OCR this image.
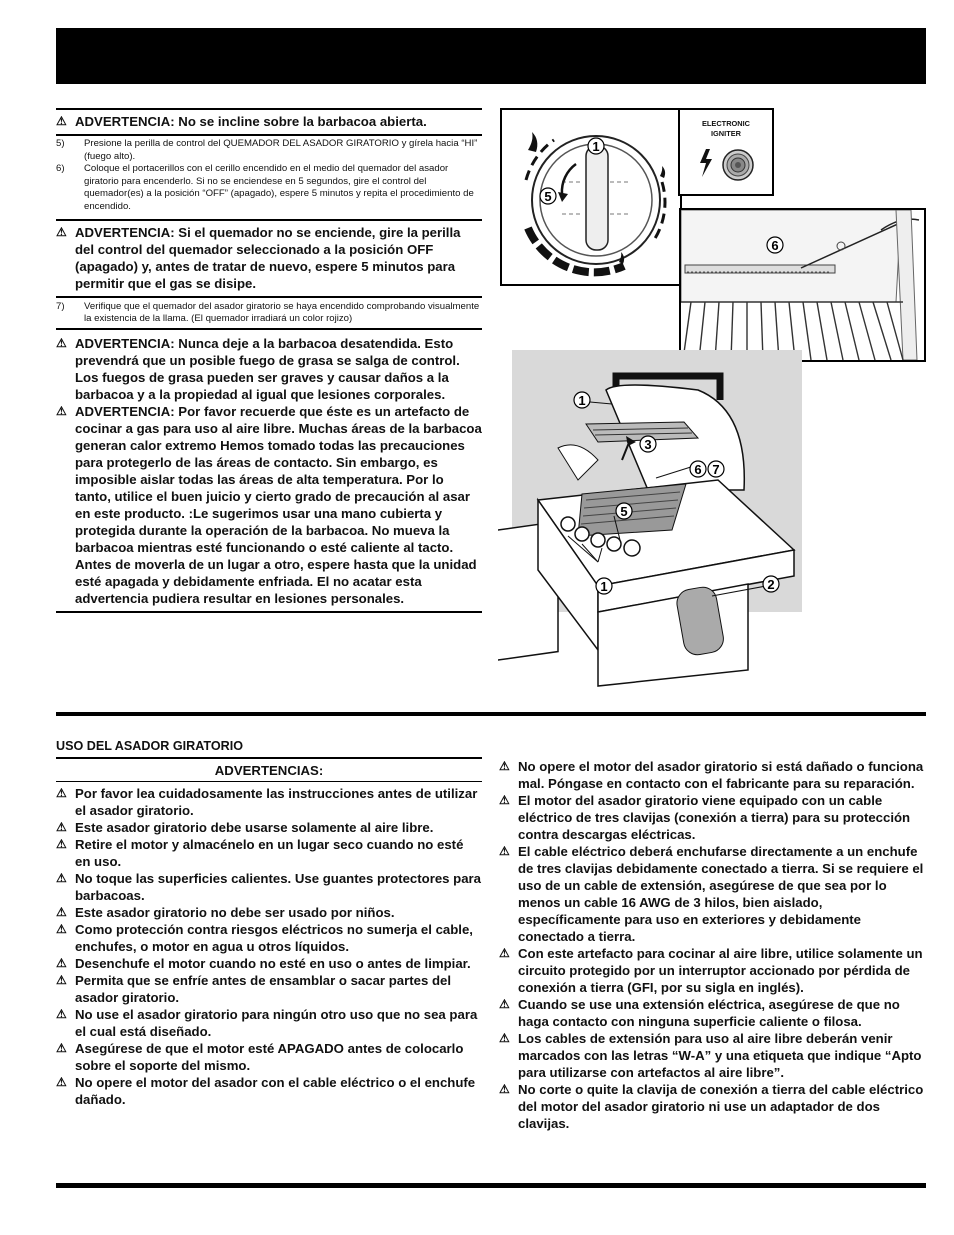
⚠ ADVERTENCIA: No se incline sobre la barbacoa abierta.
5)	Presione la perilla de control del QUEMADOR DEL ASADOR GIRATORIO y gírela hacia “HI” (fuego alto).
6)	Coloque el portacerillos con el cerillo encendido en el medio del quemador del asador giratorio para encenderlo. Si no se enciendese en 5 segundos, gire el control del quemador(es) a la posición “OFF” (apagado), espere 5 minutos y repita el procedimiento de encendido.
⚠ ADVERTENCIA: Si el quemador no se enciende, gire la perilla del control del quemador seleccionado a la posición OFF (apagado) y, antes de tratar de nuevo, espere 5 minutos para permitir que el gas se disipe.
7)	Verifique que el quemador del asador giratorio se haya encendido comprobando visualmente la existencia de la llama. (El quemador irradiará un color rojizo)
⚠ ADVERTENCIA: Nunca deje a la barbacoa desatendida. Esto prevendrá que un posible fuego de grasa se salga de control. Los fuegos de grasa pueden ser graves y causar daños a la barbacoa y a la propiedad al igual que lesiones corporales.
⚠ ADVERTENCIA: Por favor recuerde que éste es un artefacto de cocinar a gas para uso al aire libre. Muchas áreas de la barbacoa generan calor extremo Hemos tomado todas las precauciones para protegerlo de las áreas de contacto. Sin embargo, es imposible aislar todas las áreas de alta temperatura. Por lo tanto, utilice el buen juicio y cierto grado de precaución al asar en este producto. :Le sugerimos usar una mano cubierta y protegida durante la operación de la barbacoa. No mueva la barbacoa mientras esté funcionando o esté caliente al tacto. Antes de moverla de un lugar a otro, espere hasta que la unidad esté apagada y debidamente enfriada. El no acatar esta advertencia pudiera resultar en lesiones personales.
1
5
ELECTRONIC IGNITER
6
1
3
6 7
5
1	2
USO DEL ASADOR GIRATORIO
ADVERTENCIAS:
⚠ Por favor lea cuidadosamente las instrucciones antes de utilizar el asador giratorio.
⚠ Este asador giratorio debe usarse solamente al aire libre.
⚠ Retire el motor y almacénelo en un lugar seco cuando no esté en uso.
⚠ No toque las superficies calientes. Use guantes protectores para barbacoas.
⚠ Este asador giratorio no debe ser usado por niños.
⚠ Como protección contra riesgos eléctricos no sumerja el cable, enchufes, o motor en agua u otros líquidos.
⚠ Desenchufe el motor cuando no esté en uso o antes de limpiar.
⚠ Permita que se enfríe antes de ensamblar o sacar partes del asador giratorio.
⚠ No use el asador giratorio para ningún otro uso que no sea para el cual está diseñado.
⚠ Asegúrese de que el motor esté APAGADO antes de colocarlo sobre el soporte del mismo.
⚠ No opere el motor del asador con el cable eléctrico o el enchufe dañado.
⚠ No opere el motor del asador giratorio si está dañado o funciona mal. Póngase en contacto con el fabricante para su reparación.
⚠ El motor del asador giratorio viene equipado con un cable eléctrico de tres clavijas (conexión a tierra) para su protección contra descargas eléctricas.
⚠ El cable eléctrico deberá enchufarse directamente a un enchufe de tres clavijas debidamente conectado a tierra. Si se requiere el uso de un cable de extensión, asegúrese de que sea por lo menos un cable 16 AWG de 3 hilos, bien aislado, específicamente para uso en exteriores y debidamente conectado a tierra.
⚠ Con este artefacto para cocinar al aire libre, utilice solamente un circuito protegido por un interruptor accionado por pérdida de conexión a tierra (GFI, por su sigla en inglés).
⚠ Cuando se use una extensión eléctrica, asegúrese de que no haga contacto con ninguna superficie caliente o filosa.
⚠ Los cables de extensión para uso al aire libre deberán venir marcados con las letras “W-A” y una etiqueta que indique “Apto para utilizarse con artefactos al aire libre”.
⚠ No corte o quite la clavija de conexión a tierra del cable eléctrico del motor del asador giratorio ni use un adaptador de dos clavijas.
